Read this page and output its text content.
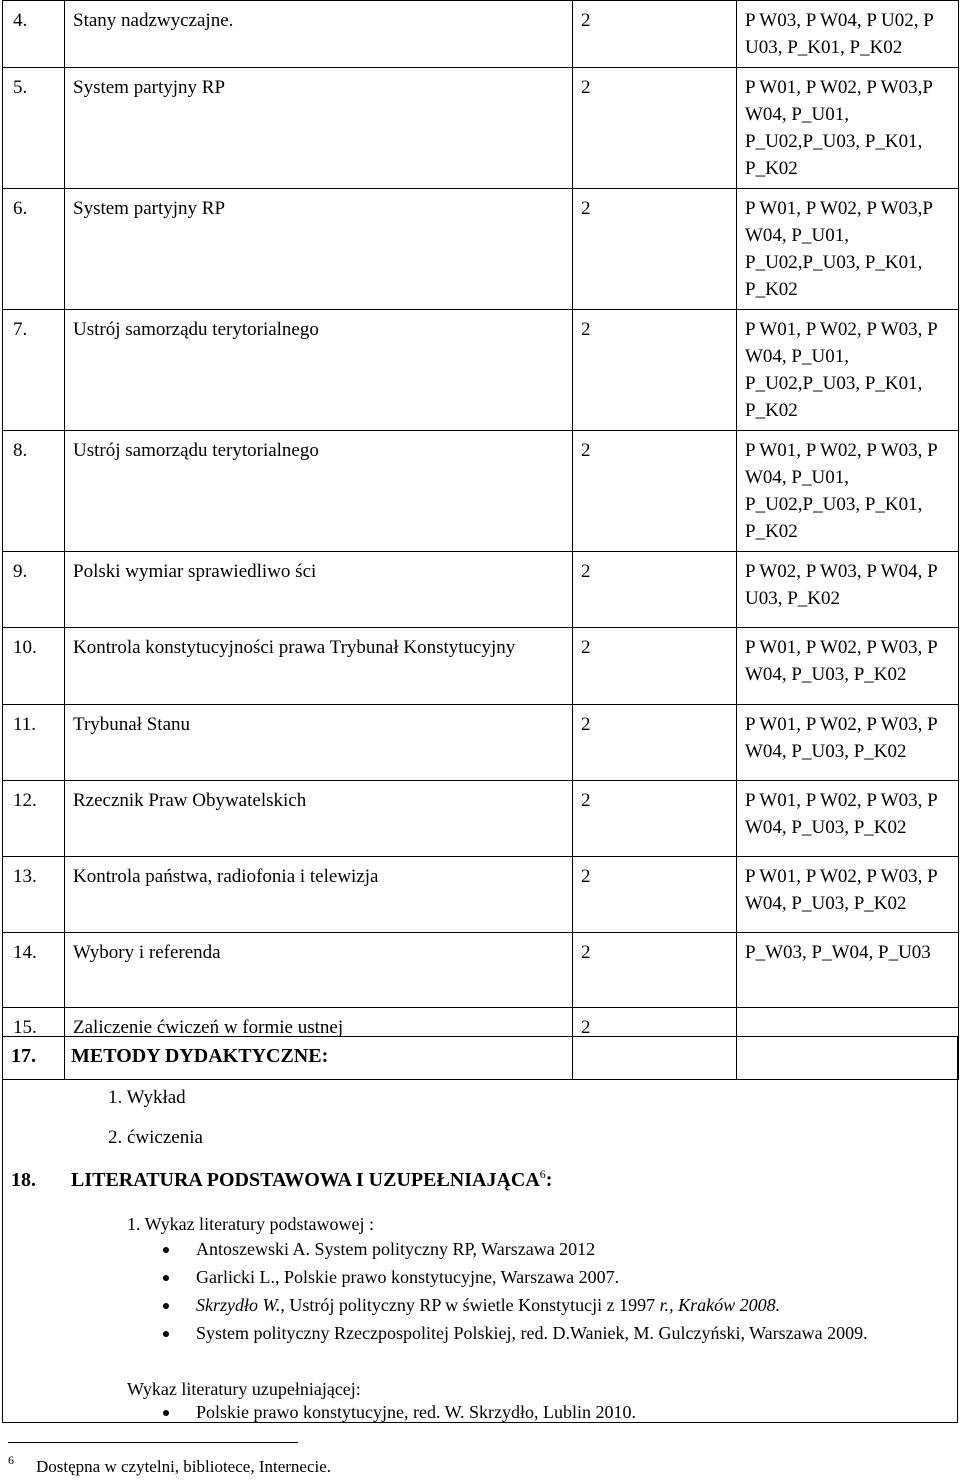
4.	Stany nadzwyczajne.	2	P W03, P W04, P U02, P U03, P_K01, P_K02
5.	System partyjny RP	2	P W01, P W02, P W03,P W04, P_U01, P_U02,P_U03, P_K01, P_K02
6.	System partyjny RP	2	P W01, P W02, P W03,P W04, P_U01, P_U02,P_U03, P_K01, P_K02
7.	Ustrój samorządu terytorialnego	2	P W01, P W02, P W03, P W04, P_U01, P_U02,P_U03, P_K01, P_K02
8.	Ustrój samorządu terytorialnego	2	P W01, P W02, P W03, P W04, P_U01, P_U02,P_U03, P_K01, P_K02
9.	Polski wymiar sprawiedliwo ści	2	P W02, P W03, P W04, P U03, P_K02
10.	Kontrola konstytucyjności prawa Trybunał Konstytucyjny	2	P W01, P W02, P W03, P W04, P_U03, P_K02
11.	Trybunał Stanu	2	P W01, P W02, P W03, P W04, P_U03, P_K02
12.	Rzecznik Praw Obywatelskich	2	P W01, P W02, P W03, P W04, P_U03, P_K02
13.	Kontrola państwa, radiofonia i telewizja	2	P W01, P W02, P W03, P W04, P_U03, P_K02
14.	Wybory i referenda	2	P_W03, P_W04, P_U03
15.	Zaliczenie ćwiczeń w formie ustnej	2	
17. METODY DYDAKTYCZNE:
1. Wykład
2. ćwiczenia
18. LITERATURA PODSTAWOWA I UZUPEŁNIAJĄCA$^6$:
1. Wykaz literatury podstawowej :
Antoszewski A. System polityczny RP, Warszawa 2012
Garlicki L., Polskie prawo konstytucyjne, Warszawa 2007.
Skrzydło W., Ustrój polityczny RP w świetle Konstytucji z 1997 r., Kraków 2008.
System polityczny Rzeczpospolitej Polskiej, red. D.Waniek, M. Gulczyński, Warszawa 2009.
Wykaz literatury uzupełniającej:
Polskie prawo konstytucyjne, red. W. Skrzydło, Lublin 2010.
$^6$ Dostępna w czytelni, bibliotece, Internecie.
